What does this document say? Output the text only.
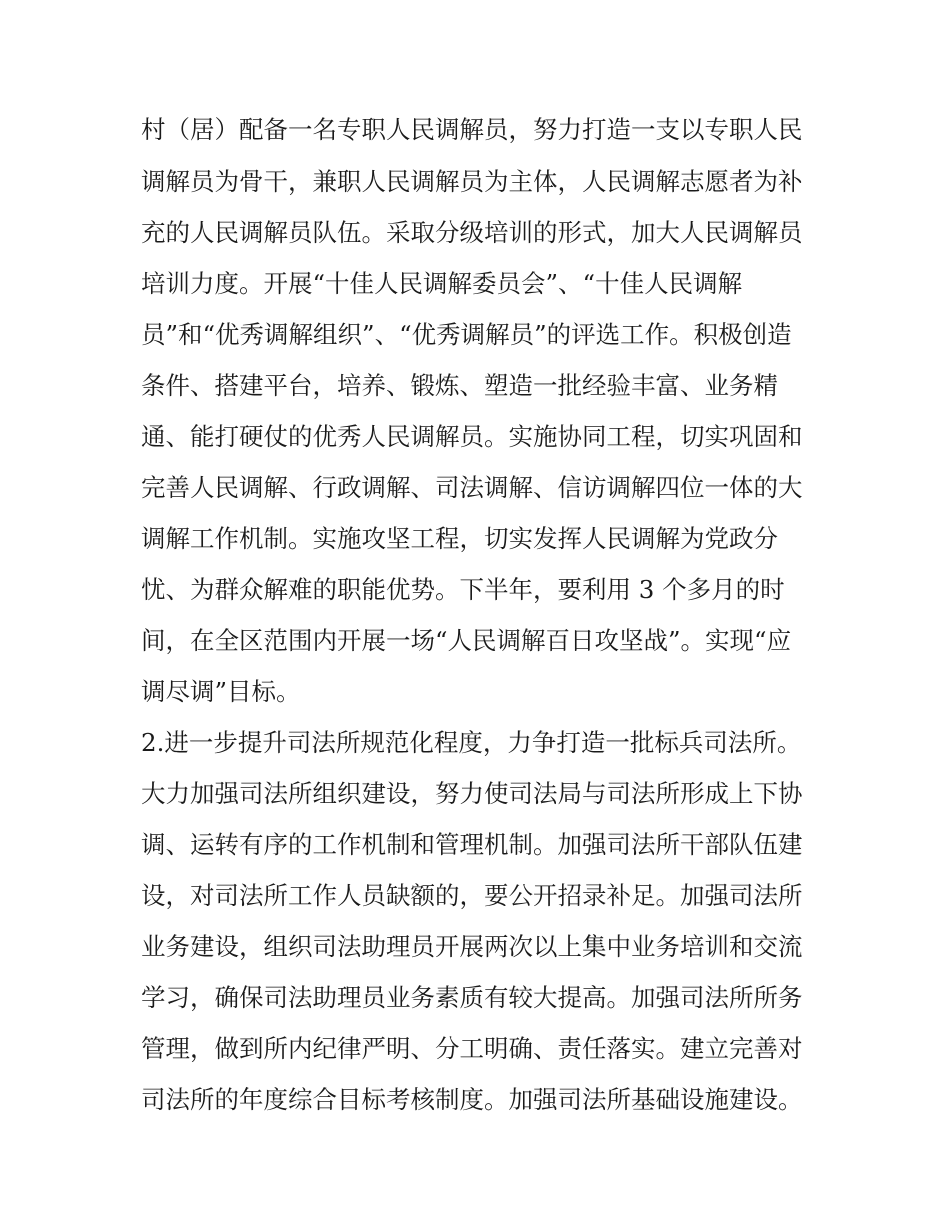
村（居）配备一名专职人民调解员，努力打造一支以专职人民
调解员为骨干，兼职人民调解员为主体，人民调解志愿者为补
充的人民调解员队伍。采取分级培训的形式，加大人民调解员
培训力度。开展“十佳人民调解委员会”、“十佳人民调解
员”和“优秀调解组织”、“优秀调解员”的评选工作。积极创造
条件、搭建平台，培养、锻炼、塑造一批经验丰富、业务精
通、能打硬仗的优秀人民调解员。实施协同工程，切实巩固和
完善人民调解、行政调解、司法调解、信访调解四位一体的大
调解工作机制。实施攻坚工程，切实发挥人民调解为党政分
忧、为群众解难的职能优势。下半年，要利用 3 个多月的时
间，在全区范围内开展一场“人民调解百日攻坚战”。实现“应
调尽调”目标。
2.进一步提升司法所规范化程度，力争打造一批标兵司法所。
大力加强司法所组织建设，努力使司法局与司法所形成上下协
调、运转有序的工作机制和管理机制。加强司法所干部队伍建
设，对司法所工作人员缺额的，要公开招录补足。加强司法所
业务建设，组织司法助理员开展两次以上集中业务培训和交流
学习，确保司法助理员业务素质有较大提高。加强司法所所务
管理，做到所内纪律严明、分工明确、责任落实。建立完善对
司法所的年度综合目标考核制度。加强司法所基础设施建设。
